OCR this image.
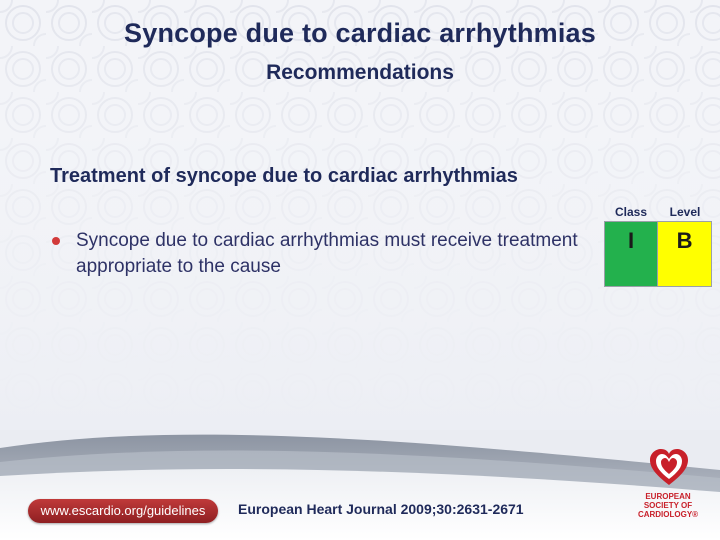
Syncope due to cardiac arrhythmias
Recommendations
Treatment of syncope due to cardiac arrhythmias
Syncope due to cardiac arrhythmias must receive treatment appropriate to the cause
Class	Level
I	B
www.escardio.org/guidelines	European Heart Journal 2009;30:2631-2671
EUROPEAN
SOCIETY OF
CARDIOLOGY®
